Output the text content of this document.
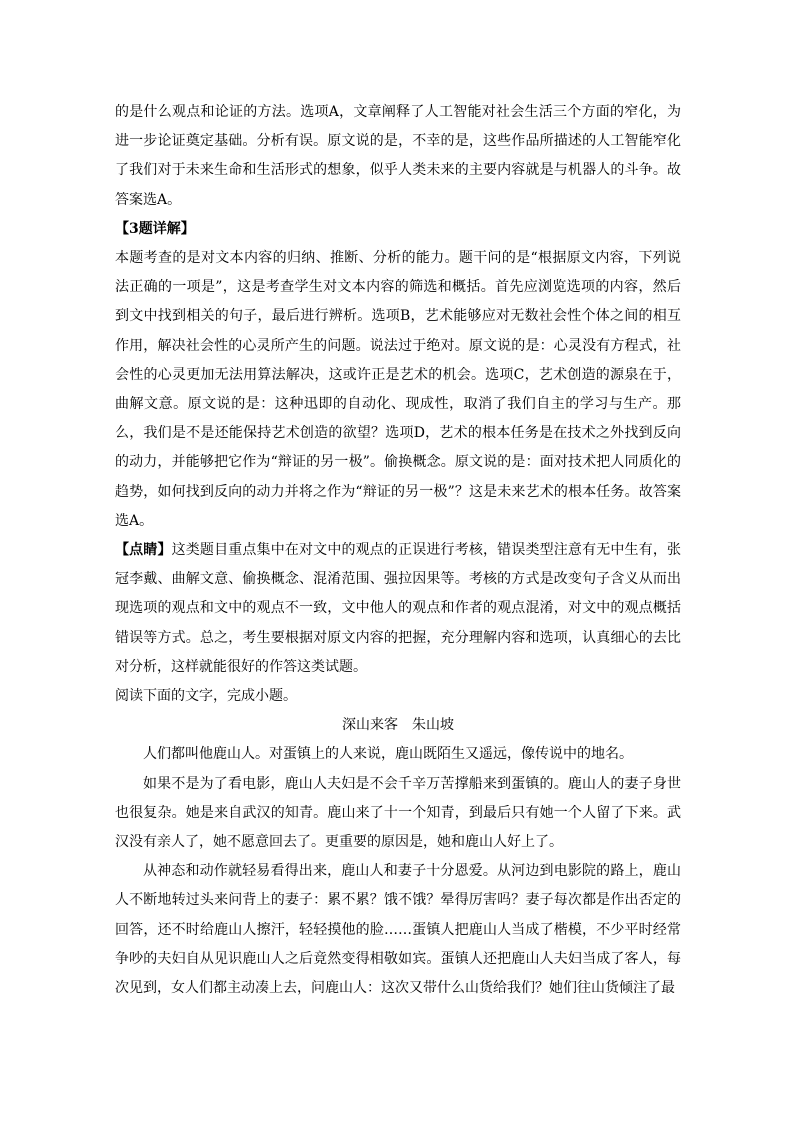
的是什么观点和论证的方法。选项A，文章阐释了人工智能对社会生活三个方面的窄化，为进一步论证奠定基础。分析有误。原文说的是，不幸的是，这些作品所描述的人工智能窄化了我们对于未来生命和生活形式的想象，似乎人类未来的主要内容就是与机器人的斗争。故答案选A。

【3题详解】

本题考查的是对文本内容的归纳、推断、分析的能力。题干问的是“根据原文内容，下列说法正确的一项是”，这是考查学生对文本内容的筛选和概括。首先应浏览选项的内容，然后到文中找到相关的句子，最后进行辨析。选项B，艺术能够应对无数社会性个体之间的相互作用，解决社会性的心灵所产生的问题。说法过于绝对。原文说的是：心灵没有方程式，社会性的心灵更加无法用算法解决，这或许正是艺术的机会。选项C，艺术创造的源泉在于，曲解文意。原文说的是：这种迅即的自动化、现成性，取消了我们自主的学习与生产。那么，我们是不是还能保持艺术创造的欲望？选项D，艺术的根本任务是在技术之外找到反向的动力，并能够把它作为“辩证的另一极”。偷换概念。原文说的是：面对技术把人同质化的趋势，如何找到反向的动力并将之作为“辩证的另一极”？这是未来艺术的根本任务。故答案选A。

【点睛】这类题目重点集中在对文中的观点的正误进行考核，错误类型注意有无中生有，张冠李戴、曲解文意、偷换概念、混淆范围、强拉因果等。考核的方式是改变句子含义从而出现选项的观点和文中的观点不一致，文中他人的观点和作者的观点混淆，对文中的观点概括错误等方式。总之，考生要根据对原文内容的把握，充分理解内容和选项，认真细心的去比对分析，这样就能很好的作答这类试题。

阅读下面的文字，完成小题。

深山来客　朱山坡

人们都叫他鹿山人。对蛋镇上的人来说，鹿山既陌生又遥远，像传说中的地名。

如果不是为了看电影，鹿山人夫妇是不会千辛万苦撑船来到蛋镇的。鹿山人的妻子身世也很复杂。她是来自武汉的知青。鹿山来了十一个知青，到最后只有她一个人留了下来。武汉没有亲人了，她不愿意回去了。更重要的原因是，她和鹿山人好上了。

从神态和动作就轻易看得出来，鹿山人和妻子十分恩爱。从河边到电影院的路上，鹿山人不断地转过头来问背上的妻子：累不累？饿不饿？晕得厉害吗？妻子每次都是作出否定的回答，还不时给鹿山人擦汗，轻轻摸他的脸……蛋镇人把鹿山人当成了楷模，不少平时经常争吵的夫妇自从见识鹿山人之后竟然变得相敬如宾。蛋镇人还把鹿山人夫妇当成了客人，每次见到，女人们都主动凑上去，问鹿山人：这次又带什么山货给我们？她们往山货倾注了最
